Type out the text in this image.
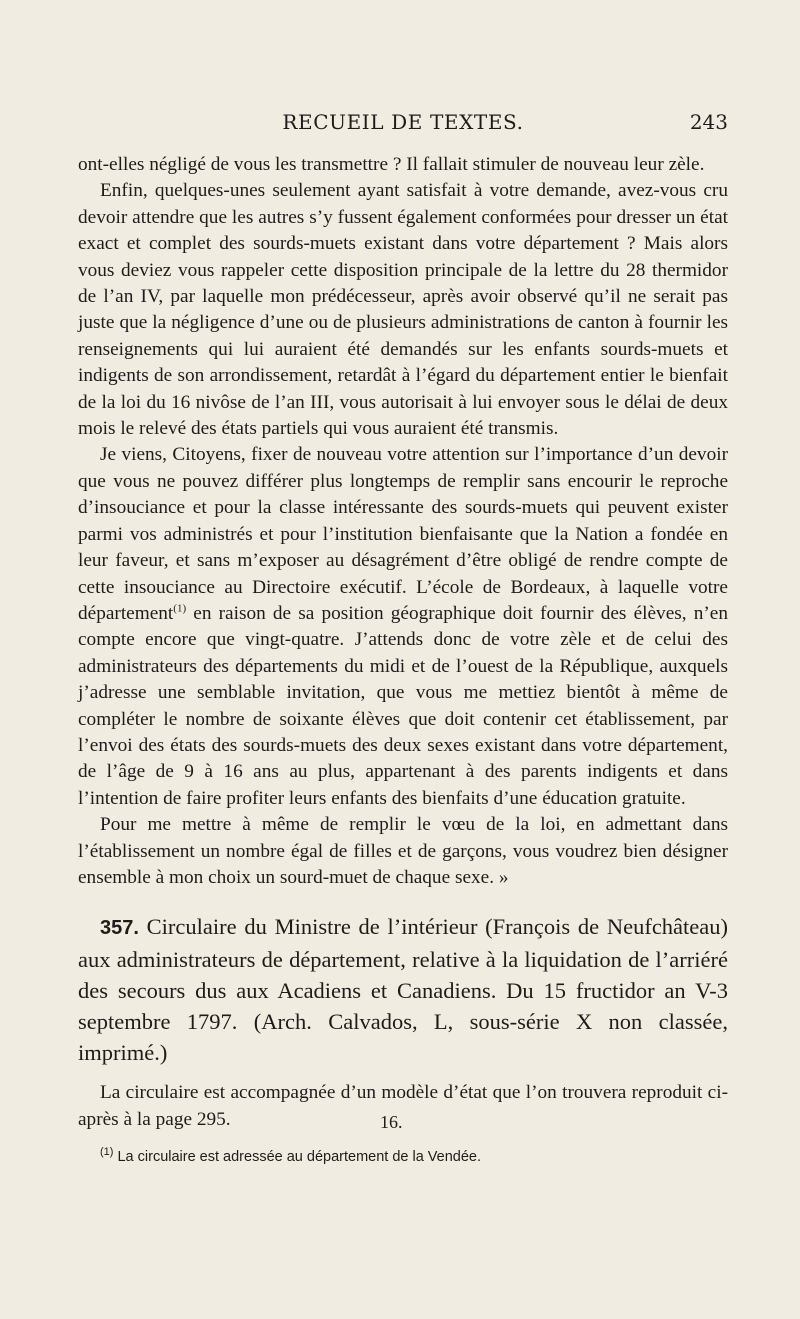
RECUEIL DE TEXTES.	243

ont-elles négligé de vous les transmettre ? Il fallait stimuler de nouveau leur zèle.

Enfin, quelques-unes seulement ayant satisfait à votre demande, avez-vous cru devoir attendre que les autres s’y fussent également conformées pour dresser un état exact et complet des sourds-muets existant dans votre département ? Mais alors vous deviez vous rappeler cette disposition principale de la lettre du 28 thermidor de l’an IV, par laquelle mon prédécesseur, après avoir observé qu’il ne serait pas juste que la négligence d’une ou de plusieurs administrations de canton à fournir les renseignements qui lui auraient été demandés sur les enfants sourds-muets et indigents de son arrondissement, retardât à l’égard du département entier le bienfait de la loi du 16 nivôse de l’an III, vous autorisait à lui envoyer sous le délai de deux mois le relevé des états partiels qui vous auraient été transmis.

Je viens, Citoyens, fixer de nouveau votre attention sur l’importance d’un devoir que vous ne pouvez différer plus longtemps de remplir sans encourir le reproche d’insouciance et pour la classe intéressante des sourds-muets qui peuvent exister parmi vos administrés et pour l’institution bienfaisante que la Nation a fondée en leur faveur, et sans m’exposer au désagrément d’être obligé de rendre compte de cette insouciance au Directoire exécutif. L’école de Bordeaux, à laquelle votre département$^{(1)}$ en raison de sa position géographique doit fournir des élèves, n’en compte encore que vingt-quatre. J’attends donc de votre zèle et de celui des administrateurs des départements du midi et de l’ouest de la République, auxquels j’adresse une semblable invitation, que vous me mettiez bientôt à même de compléter le nombre de soixante élèves que doit contenir cet établissement, par l’envoi des états des sourds-muets des deux sexes existant dans votre département, de l’âge de 9 à 16 ans au plus, appartenant à des parents indigents et dans l’intention de faire profiter leurs enfants des bienfaits d’une éducation gratuite.

Pour me mettre à même de remplir le vœu de la loi, en admettant dans l’établissement un nombre égal de filles et de garçons, vous voudrez bien désigner ensemble à mon choix un sourd-muet de chaque sexe. »

357. Circulaire du Ministre de l’intérieur (François de Neufchâteau) aux administrateurs de département, relative à la liquidation de l’arriéré des secours dus aux Acadiens et Canadiens. Du 15 fructidor an V-3 septembre 1797. (Arch. Calvados, L, sous-série X non classée, imprimé.)

La circulaire est accompagnée d’un modèle d’état que l’on trouvera reproduit ci-après à la page 295.

$^{(1)}$ La circulaire est adressée au département de la Vendée.

16.
